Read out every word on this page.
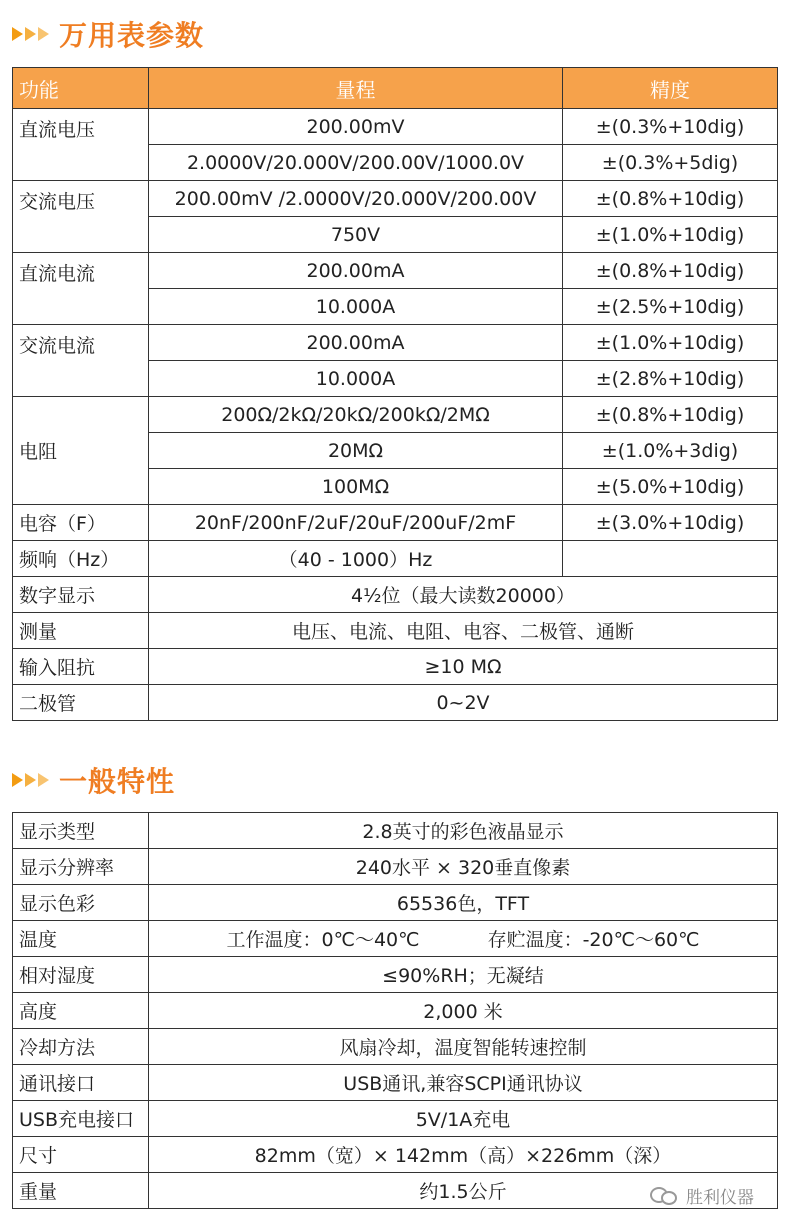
万用表参数
功能	量程	精度
直流电压	200.00mV	±(0.3%+10dig)
	2.0000V/20.000V/200.00V/1000.0V	±(0.3%+5dig)
交流电压	200.00mV /2.0000V/20.000V/200.00V	±(0.8%+10dig)
	750V	±(1.0%+10dig)
直流电流	200.00mA	±(0.8%+10dig)
	10.000A	±(2.5%+10dig)
交流电流	200.00mA	±(1.0%+10dig)
	10.000A	±(2.8%+10dig)
电阻	200Ω/2kΩ/20kΩ/200kΩ/2MΩ	±(0.8%+10dig)
	20MΩ	±(1.0%+3dig)
	100MΩ	±(5.0%+10dig)
电容（F）	20nF/200nF/2uF/20uF/200uF/2mF	±(3.0%+10dig)
频响（Hz）	（40 - 1000）Hz	
数字显示	4½位（最大读数20000）	
测量	电压、电流、电阻、电容、二极管、通断	
输入阻抗	≥10 MΩ	
二极管	0~2V	
一般特性
显示类型	2.8英寸的彩色液晶显示
显示分辨率	240水平 × 320垂直像素
显示色彩	65536色，TFT
温度	工作温度：0℃～40℃ 存贮温度：-20℃～60℃
相对湿度	≤90%RH；无凝结
高度	2,000 米
冷却方法	风扇冷却，温度智能转速控制
通讯接口	USB通讯,兼容SCPI通讯协议
USB充电接口	5V/1A充电
尺寸	82mm（宽）× 142mm（高）×226mm（深）
重量	约1.5公斤	胜利仪器
